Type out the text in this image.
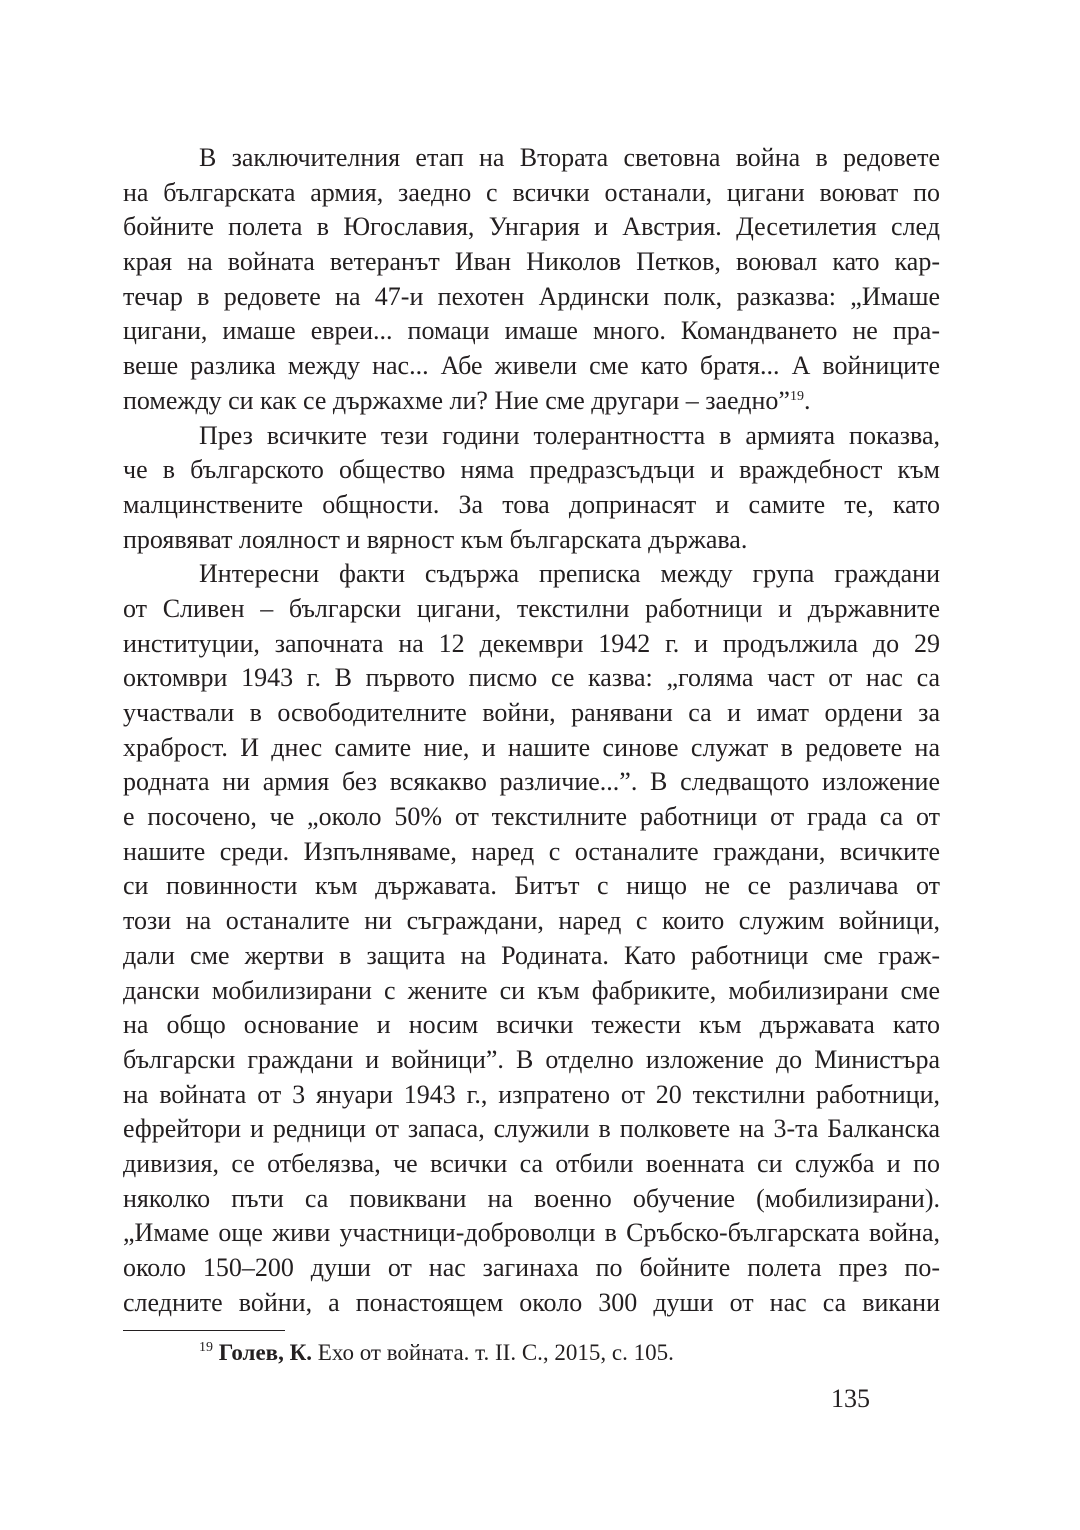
В заключителния етап на Втората световна война в редовете
на българската армия, заедно с всички останали, цигани воюват по
бойните полета в Югославия, Унгария и Австрия. Десетилетия след
края на войната ветеранът Иван Николов Петков, воювал като кар-
течар в редовете на 47-и пехотен Ардински полк, разказва: „Имаше
цигани, имаше евреи... помаци имаше много. Командването не пра-
веше разлика между нас... Абе живели сме като братя... А войниците
помежду си как се държахме ли? Ние сме другари – заедно”$^{19}$.
През всичките тези години толерантността в армията показва,
че в българското общество няма предразсъдъци и враждебност към
малцинствените общности. За това допринасят и самите те, като
проявяват лоялност и вярност към българската държава.
Интересни факти съдържа преписка между група граждани
от Сливен – български цигани, текстилни работници и държавните
институции, започната на 12 декември 1942 г. и продължила до 29
октомври 1943 г. В първото писмо се казва: „голяма част от нас са
участвали в освободителните войни, ранявани са и имат ордени за
храброст. И днес самите ние, и нашите синове служат в редовете на
родната ни армия без всякакво различие...”. В следващото изложение
е посочено, че „около 50% от текстилните работници от града са от
нашите среди. Изпълняваме, наред с останалите граждани, всичките
си повинности към държавата. Битът с нищо не се различава от
този на останалите ни съграждани, наред с които служим войници,
дали сме жертви в защита на Родината. Като работници сме граж-
дански мобилизирани с жените си към фабриките, мобилизирани сме
на общо основание и носим всички тежести към държавата като
български граждани и войници”. В отделно изложение до Министъра
на войната от 3 януари 1943 г., изпратено от 20 текстилни работници,
ефрейтори и редници от запаса, служили в полковете на 3-та Балканска
дивизия, се отбелязва, че всички са отбили военната си служба и по
няколко пъти са повиквани на военно обучение (мобилизирани).
„Имаме още живи участници-доброволци в Сръбско-българската война,
около 150–200 души от нас загинаха по бойните полета през по-
следните войни, а понастоящем около 300 души от нас са викани
$^{19}$ Голев, К. Ехо от войната. т. II. С., 2015, с. 105.
135
